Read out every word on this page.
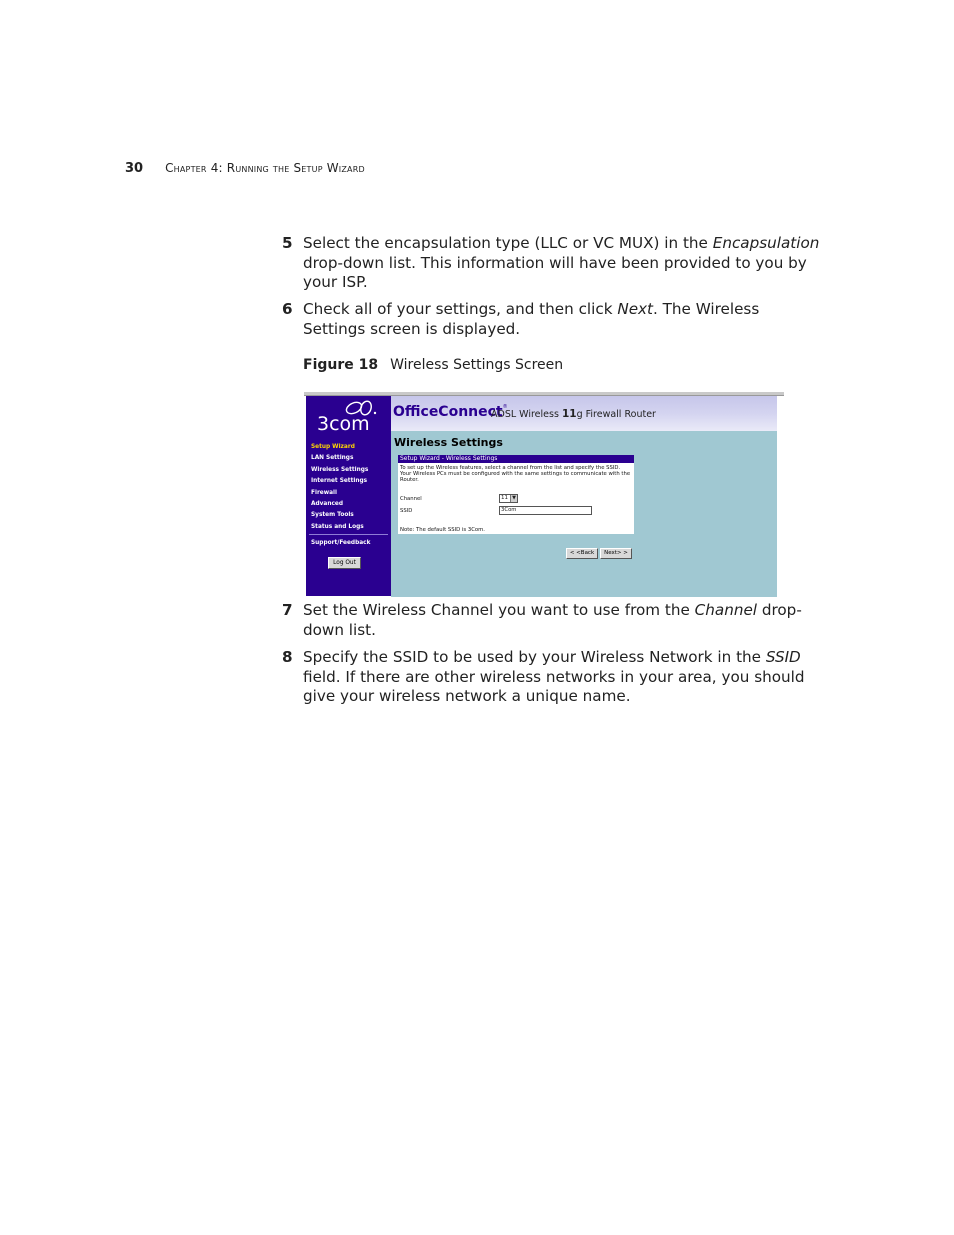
30 Chapter 4: Running the Setup Wizard
5 Select the encapsulation type (LLC or VC MUX) in the Encapsulation drop-down list. This information will have been provided to you by your ISP.
6 Check all of your settings, and then click Next. The Wireless Settings screen is displayed.
Figure 18 Wireless Settings Screen
3com
Setup Wizard
LAN Settings
Wireless Settings
Internet Settings
Firewall
Advanced
System Tools
Status and Logs
Support/Feedback
Log Out
OfficeConnect®
ADSL Wireless 11g Firewall Router
Wireless Settings
Setup Wizard - Wireless Settings
To set up the Wireless features, select a channel from the list and specify the SSID. Your Wireless PCs must be configured with the same settings to communicate with the Router.
Channel	11 ▼
SSID	3Com
Note: The default SSID is 3Com.
< <Back	Next> >
7 Set the Wireless Channel you want to use from the Channel drop-down list.
8 Specify the SSID to be used by your Wireless Network in the SSID field. If there are other wireless networks in your area, you should give your wireless network a unique name.
